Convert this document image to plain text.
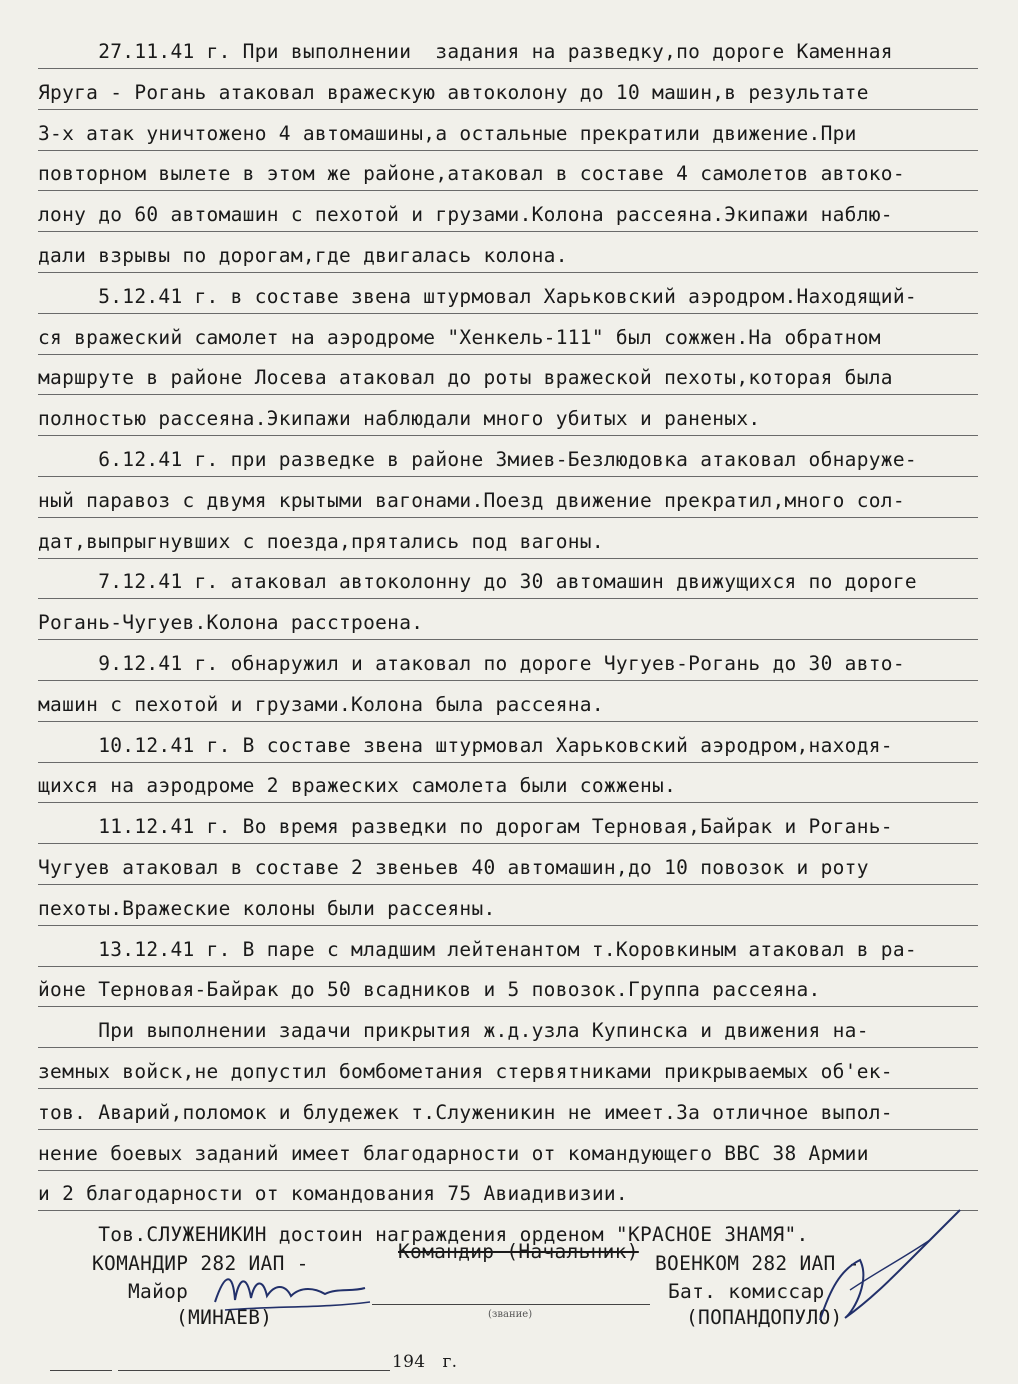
27.11.41 г. При выполнении  задания на разведку,по дороге Каменная
Яруга - Рогань атаковал вражескую автоколону до 10 машин,в результате
3-х атак уничтожено 4 автомашины,а остальные прекратили движение.При
повторном вылете в этом же районе,атаковал в составе 4 самолетов автоко-
лону до 60 автомашин с пехотой и грузами.Колона рассеяна.Экипажи наблю-
дали взрывы по дорогам,где двигалась колона.
5.12.41 г. в составе звена штурмовал Харьковский аэродром.Находящий-
ся вражеский самолет на аэродроме "Хенкель-111" был сожжен.На обратном
маршруте в районе Лосева атаковал до роты вражеской пехоты,которая была
полностью рассеяна.Экипажи наблюдали много убитых и раненых.
6.12.41 г. при разведке в районе Змиев-Безлюдовка атаковал обнаруже-
ный паравоз с двумя крытыми вагонами.Поезд движение прекратил,много сол-
дат,выпрыгнувших с поезда,прятались под вагоны.
7.12.41 г. атаковал автоколонну до 30 автомашин движущихся по дороге
Рогань-Чугуев.Колона расстроена.
9.12.41 г. обнаружил и атаковал по дороге Чугуев-Рогань до 30 авто-
машин с пехотой и грузами.Колона была рассеяна.
10.12.41 г. В составе звена штурмовал Харьковский аэродром,находя-
щихся на аэродроме 2 вражеских самолета были сожжены.
11.12.41 г. Во время разведки по дорогам Терновая,Байрак и Рогань-
Чугуев атаковал в составе 2 звеньев 40 автомашин,до 10 повозок и роту
пехоты.Вражеские колоны были рассеяны.
13.12.41 г. В паре с младшим лейтенантом т.Коровкиным атаковал в ра-
йоне Терновая-Байрак до 50 всадников и 5 повозок.Группа рассеяна.
При выполнении задачи прикрытия ж.д.узла Купинска и движения на-
земных войск,не допустил бомбометания стервятниками прикрываемых об'ек-
тов. Аварий,поломок и блудежек т.Служеникин не имеет.За отличное выпол-
нение боевых заданий имеет благодарности от командующего ВВС 38 Армии
и 2 благодарности от командования 75 Авиадивизии.
Тов.СЛУЖЕНИКИН достоин награждения орденом "КРАСНОЕ ЗНАМЯ".
КОМАНДИР 282 ИАП -
Майор
(МИНАЕВ)
Командир (Начальник)
(звание)
ВОЕНКОМ 282 ИАП -
Бат. комиссар
(ПОПАНДОПУЛО)
194   г.
